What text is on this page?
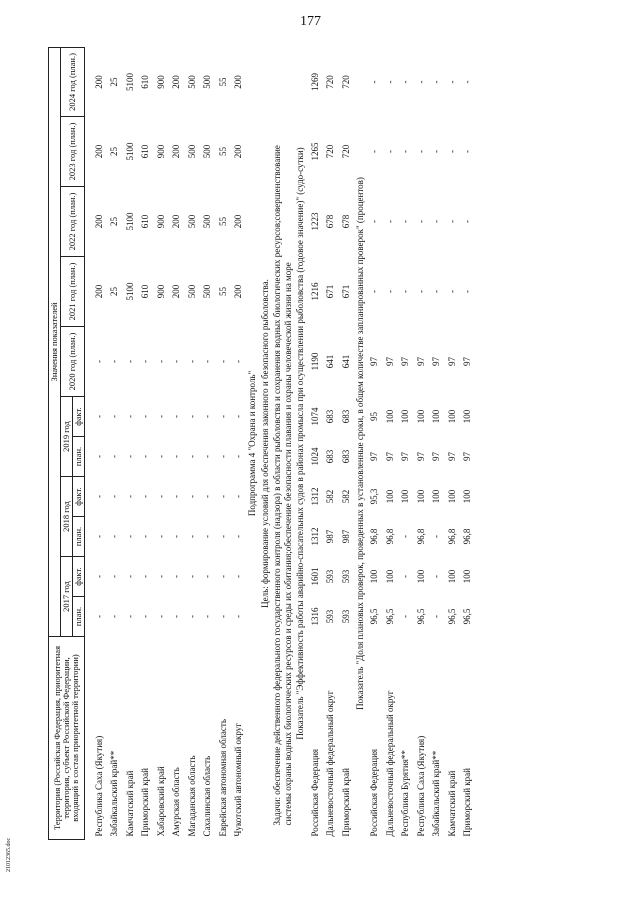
177
21012365.doc
Территория (Российская Федерация, приоритетная территория, субъект Российской Федерации, входящий в состав приоритетной территории)	Значения показателей										
	2017 год		2018 год		2019 год		2020 год (план.)	2021 год (план.)	2022 год (план.)	2023 год (план.)	2024 год (план.)
	план.	факт.	план.	факт.	план.	факт.					

Республика Саха (Якутия)	-	-	-	-	-	-	-	200	200	200	200
Забайкальский край**	-	-	-	-	-	-	-	25	25	25	25
Камчатский край	-	-	-	-	-	-	-	5100	5100	5100	5100
Приморский край	-	-	-	-	-	-	-	610	610	610	610
Хабаровский край	-	-	-	-	-	-	-	900	900	900	900
Амурская область	-	-	-	-	-	-	-	200	200	200	200
Магаданская область	-	-	-	-	-	-	-	500	500	500	500
Сахалинская область	-	-	-	-	-	-	-	500	500	500	500
Еврейская автономная область	-	-	-	-	-	-	-	55	55	55	55
Чукотский автономный округ	-	-	-	-	-	-	-	200	200	200	200
Подпрограмма 4 "Охрана и контроль"											
Цель: формирование условий для обеспечения законного и безопасного рыболовства.											
Задачи: обеспечение действенного федерального государственного контроля (надзора) в области рыболовства и сохранения водных биологических ресурсов;совершенствование											
системы охраны водных биологических ресурсов и среды их обитания;обеспечение безопасности плавания и охраны человеческой жизни на море											
Показатель "Эффективность работы аварийно-спасательных судов в районах промысла при осуществлении рыболовства (годовое значение)" (судо-сутки)											
Российская Федерация	1316	1601	1312	1312	1024	1074	1190	1216	1223	1265	1269
Дальневосточный федеральный округ	593	593	987	582	683	683	641	671	678	720	720
Приморский край	593	593	987	582	683	683	641	671	678	720	720
Показатель "Доля плановых проверок, проведенных в установленные сроки, в общем количестве запланированных проверок" (процентов)											
Российская Федерация	96,5	100	96,8	95,3	97	95	97	-	-	-	-
Дальневосточный федеральный округ	96,5	100	96,8	100	97	100	97	-	-	-	-
Республика Бурятия**	-	-	-	100	97	100	97	-	-	-	-
Республика Саха (Якутия)	96,5	100	96,8	100	97	100	97	-	-	-	-
Забайкальский край**	-	-	-	100	97	100	97	-	-	-	-
Камчатский край	96,5	100	96,8	100	97	100	97	-	-	-	-
Приморский край	96,5	100	96,8	100	97	100	97	-	-	-	-
